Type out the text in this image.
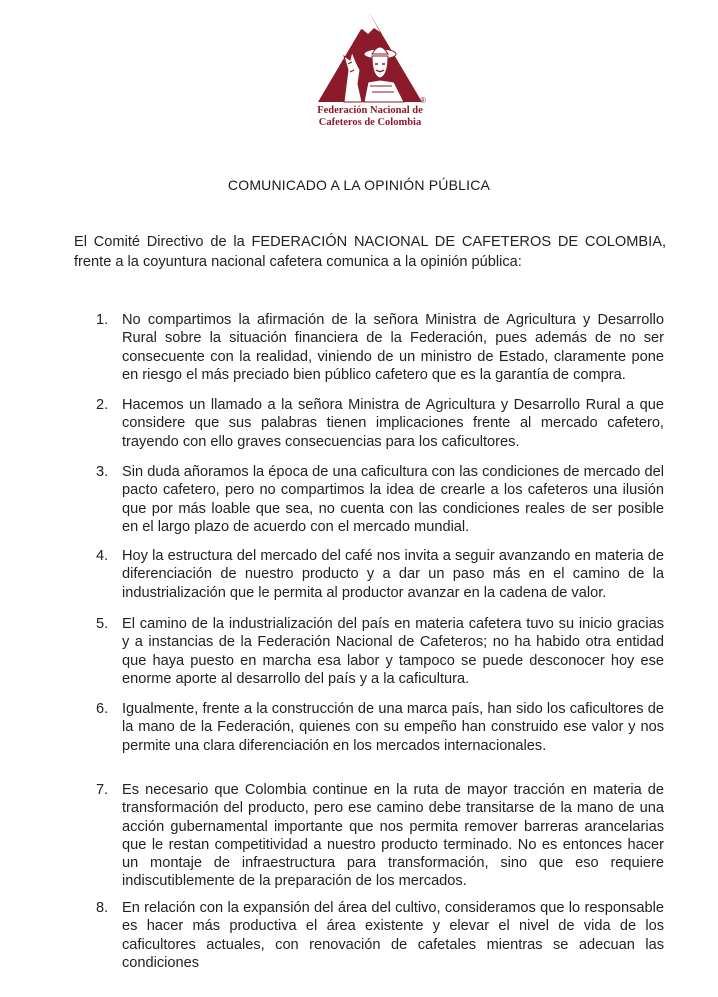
®
Federación Nacional de
Cafeteros de Colombia
COMUNICADO A LA OPINIÓN PÚBLICA
El Comité Directivo de la FEDERACIÓN NACIONAL DE CAFETEROS DE COLOMBIA, frente a la coyuntura nacional cafetera comunica a la opinión pública:
1. No compartimos la afirmación de la señora Ministra de Agricultura y Desarrollo Rural sobre la situación financiera de la Federación, pues además de no ser consecuente con la realidad, viniendo de un ministro de Estado, claramente pone en riesgo el más preciado bien público cafetero que es la garantía de compra.
2. Hacemos un llamado a la señora Ministra de Agricultura y Desarrollo Rural a que considere que sus palabras tienen implicaciones frente al mercado cafetero, trayendo con ello graves consecuencias para los caficultores.
3. Sin duda añoramos la época de una caficultura con las condiciones de mercado del pacto cafetero, pero no compartimos la idea de crearle a los cafeteros una ilusión que por más loable que sea, no cuenta con las condiciones reales de ser posible en el largo plazo de acuerdo con el mercado mundial.
4. Hoy la estructura del mercado del café nos invita a seguir avanzando en materia de diferenciación de nuestro producto y a dar un paso más en el camino de la industrialización que le permita al productor avanzar en la cadena de valor.
5. El camino de la industrialización del país en materia cafetera tuvo su inicio gracias y a instancias de la Federación Nacional de Cafeteros; no ha habido otra entidad que haya puesto en marcha esa labor y tampoco se puede desconocer hoy ese enorme aporte al desarrollo del país y a la caficultura.
6. Igualmente, frente a la construcción de una marca país, han sido los caficultores de la mano de la Federación, quienes con su empeño han construido ese valor y nos permite una clara diferenciación en los mercados internacionales.
7. Es necesario que Colombia continue en la ruta de mayor tracción en materia de transformación del producto, pero ese camino debe transitarse de la mano de una acción gubernamental importante que nos permita remover barreras arancelarias que le restan competitividad a nuestro producto terminado. No es entonces hacer un montaje de infraestructura para transformación, sino que eso requiere indiscutiblemente de la preparación de los mercados.
8. En relación con la expansión del área del cultivo, consideramos que lo responsable es hacer más productiva el área existente y elevar el nivel de vida de los caficultores actuales, con renovación de cafetales mientras se adecuan las condiciones
